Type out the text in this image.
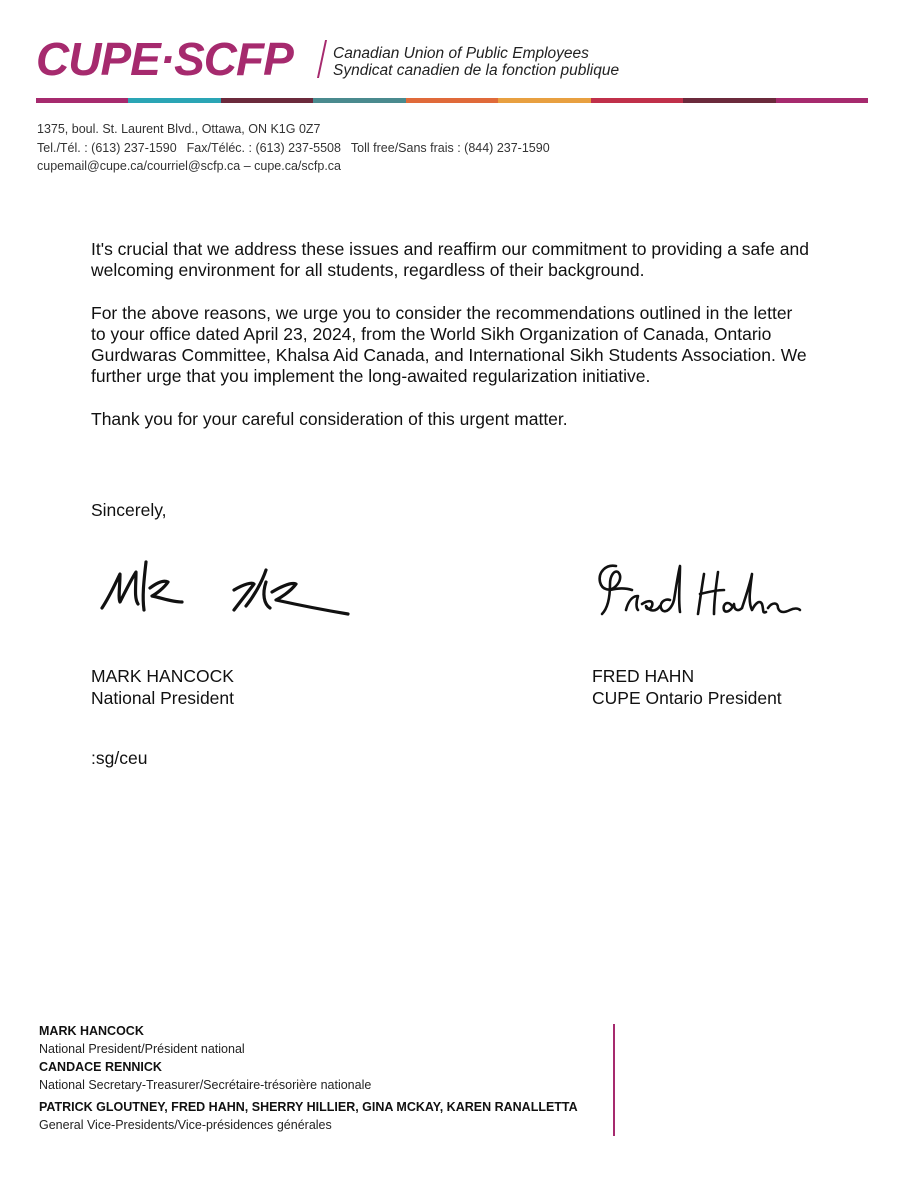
CUPE·SCFP	Canadian Union of Public Employees
Syndicat canadien de la fonction publique
1375, boul. St. Laurent Blvd., Ottawa, ON K1G 0Z7
Tel./Tél. : (613) 237-1590 Fax/Téléc. : (613) 237-5508 Toll free/Sans frais : (844) 237-1590
cupemail@cupe.ca/courriel@scfp.ca – cupe.ca/scfp.ca

It's crucial that we address these issues and reaffirm our commitment to providing a safe and welcoming environment for all students, regardless of their background.

For the above reasons, we urge you to consider the recommendations outlined in the letter to your office dated April 23, 2024, from the World Sikh Organization of Canada, Ontario Gurdwaras Committee, Khalsa Aid Canada, and International Sikh Students Association. We further urge that you implement the long-awaited regularization initiative.

Thank you for your careful consideration of this urgent matter.

Sincerely,
MARK HANCOCK
National President
FRED HAHN
CUPE Ontario President
:sg/ceu
MARK HANCOCK
National President/Président national
CANDACE RENNICK
National Secretary-Treasurer/Secrétaire-trésorière nationale
PATRICK GLOUTNEY, FRED HAHN, SHERRY HILLIER, GINA MCKAY, KAREN RANALLETTA
General Vice-Presidents/Vice-présidences générales
